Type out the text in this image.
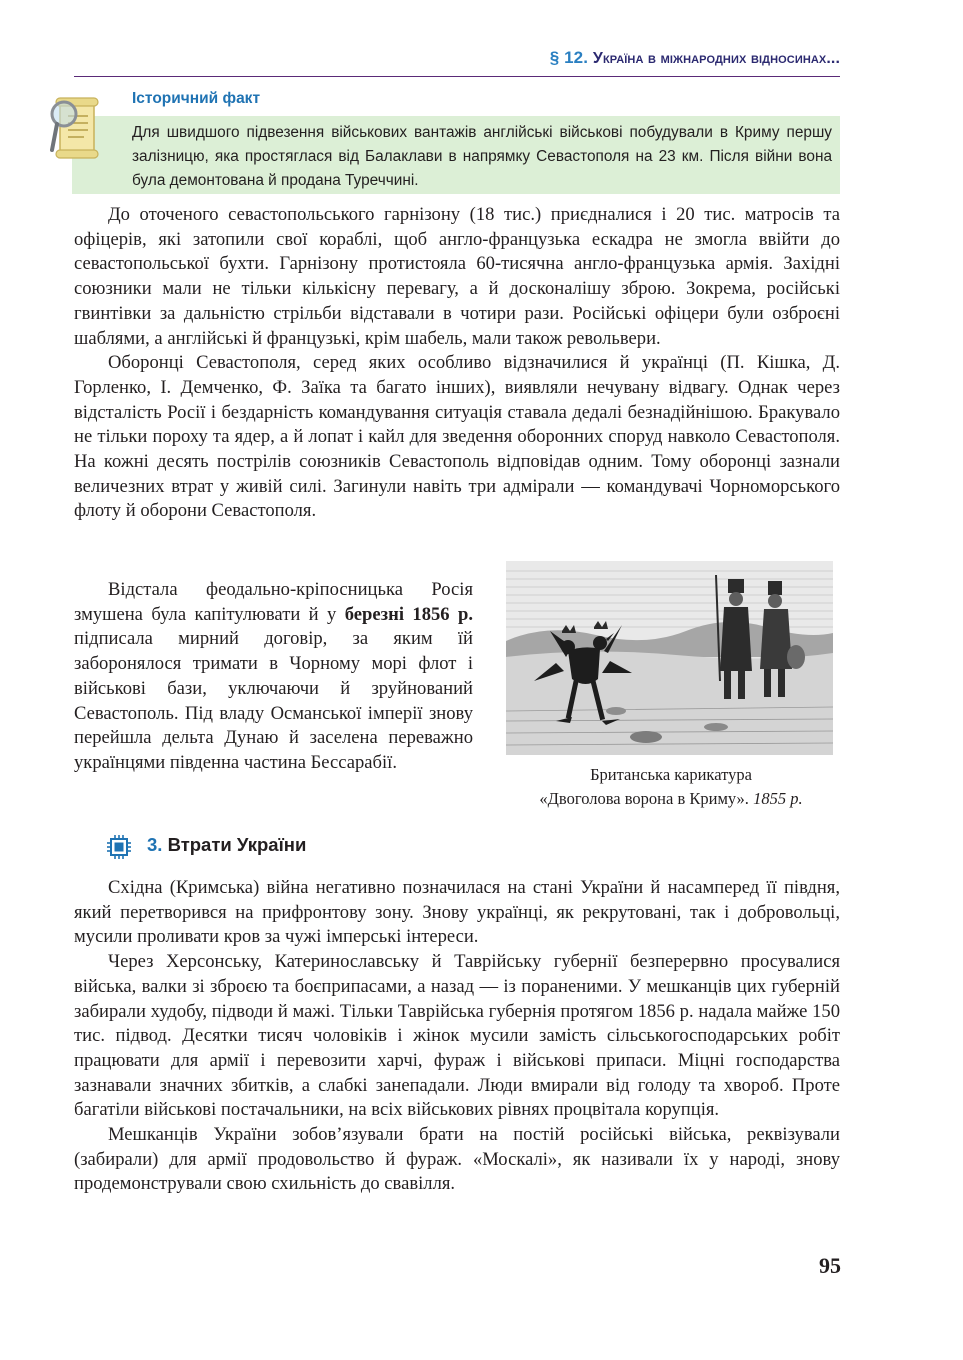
§ 12. Україна в міжнародних відносинах...
Історичний факт
Для швидшого підвезення військових вантажів англійські військові побудували в Криму першу залізницю, яка простяглася від Балаклави в напрямку Севастополя на 23 км. Після війни вона була демонтована й продана Туреччині.

До оточеного севастопольського гарнізону (18 тис.) приєдналися і 20 тис. матросів та офіцерів, які затопили свої кораблі, щоб англо-французька ескадра не змогла ввійти до севастопольської бухти. Гарнізону протистояла 60-тисячна англо-французька армія. Західні союзники мали не тільки кількісну перевагу, а й досконалішу зброю. Зокрема, російські гвинтівки за дальністю стрільби відставали в чотири рази. Російські офіцери були озброєні шаблями, а англійські й французькі, крім шабель, мали також револьвери.

Оборонці Севастополя, серед яких особливо відзначилися й українці (П. Кішка, Д. Горленко, І. Демченко, Ф. Заїка та багато інших), виявляли нечувану відвагу. Однак через відсталість Росії і бездарність командування ситуація ставала дедалі безнадійнішою. Бракувало не тільки пороху та ядер, а й лопат і кайл для зведення оборонних споруд навколо Севастополя. На кожні десять пострілів союзників Севастополь відповідав одним. Тому оборонці зазнали величезних втрат у живій силі. Загинули навіть три адмірали — командувачі Чорноморського флоту й оборони Севастополя.

Відстала феодально-кріпосницька Росія змушена була капітулювати й у березні 1856 р. підписала мирний договір, за яким їй заборонялося тримати в Чорному морі флот і військові бази, уключаючи й зруйнований Севастополь. Під владу Османської імперії знову перейшла дельта Дунаю й заселена переважно українцями південна частина Бессарабії.

Британська карикатура
«Двоголова ворона в Криму». 1855 р.
3. Втрати України

Східна (Кримська) війна негативно позначилася на стані України й насамперед її півдня, який перетворився на прифронтову зону. Знову українці, як рекрутовані, так і добровольці, мусили проливати кров за чужі імперські інтереси.

Через Херсонську, Катеринославську й Таврійську губернії безперервно просувалися війська, валки зі зброєю та боєприпасами, а назад — із пораненими. У мешканців цих губерній забирали худобу, підводи й мажі. Тільки Таврійська губернія протягом 1856 р. надала майже 150 тис. підвод. Десятки тисяч чоловіків і жінок мусили замість сільськогосподарських робіт працювати для армії і перевозити харчі, фураж і військові припаси. Міцні господарства зазнавали значних збитків, а слабкі занепадали. Люди вмирали від голоду та хвороб. Проте багатіли військові постачальники, на всіх військових рівнях процвітала корупція.

Мешканців України зобов’язували брати на постій російські війська, реквізували (забирали) для армії продовольство й фураж. «Москалі», як називали їх у народі, знову продемонстрували свою схильність до свавілля.

95
